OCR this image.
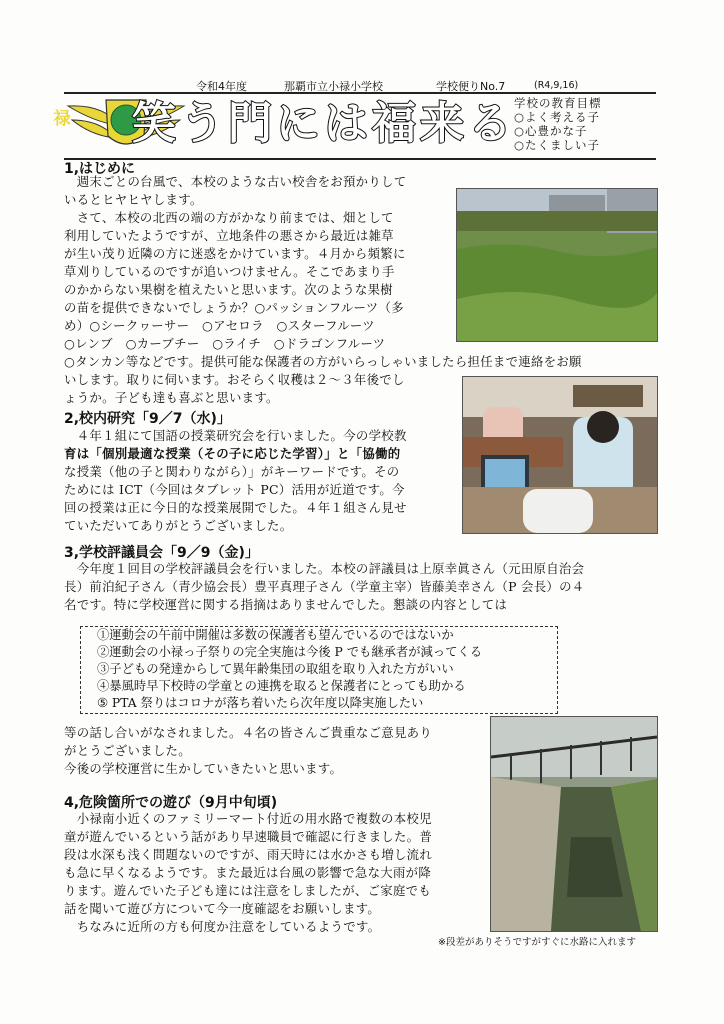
令和4年度	那覇市立小禄小学校	学校便りNo.7	(R4,9,16)
禄 笑う門には福来る
学校の教育目標
○よく考える子
○心豊かな子
○たくましい子
1,はじめに
　週末ごとの台風で、本校のような古い校舎をお預かりして
いるとヒヤヒヤします。
　さて、本校の北西の端の方がかなり前までは、畑として
利用していたようですが、立地条件の悪さから最近は雑草
が生い茂り近隣の方に迷惑をかけています。４月から頻繁に
草刈りしているのですが追いつけません。そこであまり手
のかからない果樹を植えたいと思います。次のような果樹
の苗を提供できないでしょうか？○パッションフルーツ（多
め）○シークヮーサー　○アセロラ　○スターフルーツ
○レンブ　○カーブチー　○ライチ　○ドラゴンフルーツ
○タンカン等などです。提供可能な保護者の方がいらっしゃいましたら担任まで連絡をお願
いします。取りに伺います。おそらく収穫は２～３年後でし
ょうか。子ども達も喜ぶと思います。
2,校内研究「9／7（水)」
　４年１組にて国語の授業研究会を行いました。今の学校教
育は「個別最適な授業（その子に応じた学習）」と「協働的
な授業（他の子と関わりながら）」がキーワードです。その
ためには ICT（今回はタブレット PC）活用が近道です。今
回の授業は正に今日的な授業展開でした。４年１組さん見せ
ていただいてありがとうございました。
3,学校評議員会「9／9（金)」
　今年度１回目の学校評議員会を行いました。本校の評議員は上原幸眞さん（元田原自治会
長）前泊紀子さん（青少協会長）豊平真理子さん（学童主宰）皆藤美幸さん（P 会長）の４
名です。特に学校運営に関する指摘はありませんでした。懇談の内容としては
①運動会の午前中開催は多数の保護者も望んでいるのではないか
②運動会の小禄っ子祭りの完全実施は今後 P でも継承者が減ってくる
③子どもの発達からして異年齢集団の取組を取り入れた方がいい
④暴風時早下校時の学童との連携を取ると保護者にとっても助かる
⑤ PTA 祭りはコロナが落ち着いたら次年度以降実施したい
等の話し合いがなされました。４名の皆さんご貴重なご意見あり
がとうございました。
今後の学校運営に生かしていきたいと思います。
4,危険箇所での遊び（9月中旬頃)
　小禄南小近くのファミリーマート付近の用水路で複数の本校児
童が遊んでいるという話があり早速職員で確認に行きました。普
段は水深も浅く問題ないのですが、雨天時には水かさも増し流れ
も急に早くなるようです。また最近は台風の影響で急な大雨が降
ります。遊んでいた子ども達には注意をしましたが、ご家庭でも
話を聞いて遊び方について今一度確認をお願いします。
　ちなみに近所の方も何度か注意をしているようです。
※段差がありそうですがすぐに水路に入れます
